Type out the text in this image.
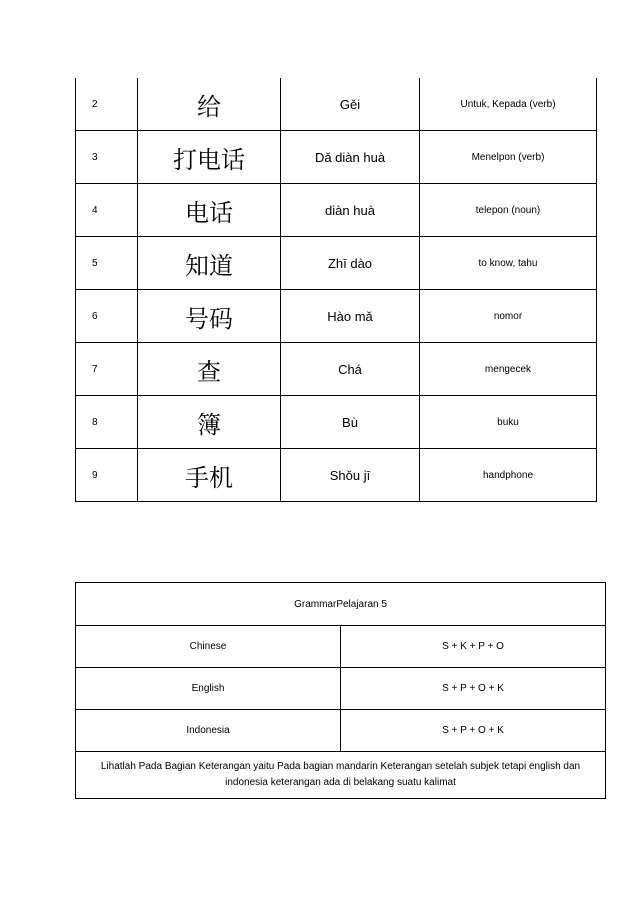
2	给	Gěi	Untuk, Kepada (verb)
3	打电话	Dǎ diàn huà	Menelpon (verb)
4	电话	diàn huà	telepon (noun)
5	知道	Zhī dào	to know, tahu
6	号码	Hào mǎ	nomor
7	查	Chá	mengecek
8	簿	Bù	buku
9	手机	Shǒu jī	handphone
GrammarPelajaran 5	
Chinese	S + K + P + O
English	S + P + O + K
Indonesia	S + P + O + K
Lihatlah Pada Bagian Keterangan yaitu Pada bagian mandarin Keterangan setelah subjek tetapi english dan indonesia keterangan ada di belakang suatu kalimat	
